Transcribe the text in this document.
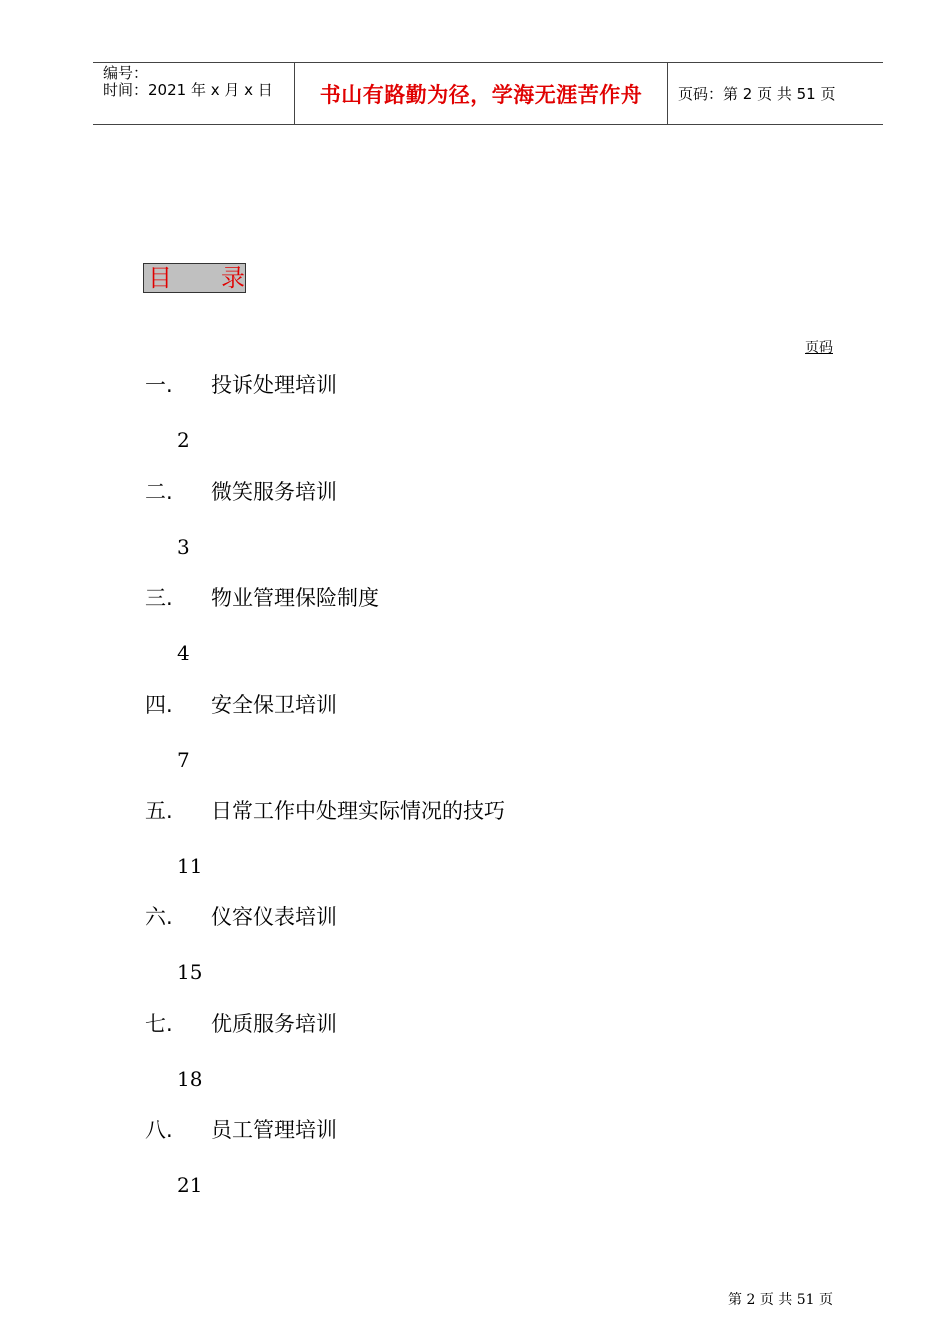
编号：
时间：2021 年 x 月 x 日 书山有路勤为径，学海无涯苦作舟 页码：第 2 页 共 51 页
目 录
页码
一. 投诉处理培训
2
二. 微笑服务培训
3
三. 物业管理保险制度
4
四. 安全保卫培训
7
五. 日常工作中处理实际情况的技巧
11
六. 仪容仪表培训
15
七. 优质服务培训
18
八. 员工管理培训
21
第 2 页 共 51 页
